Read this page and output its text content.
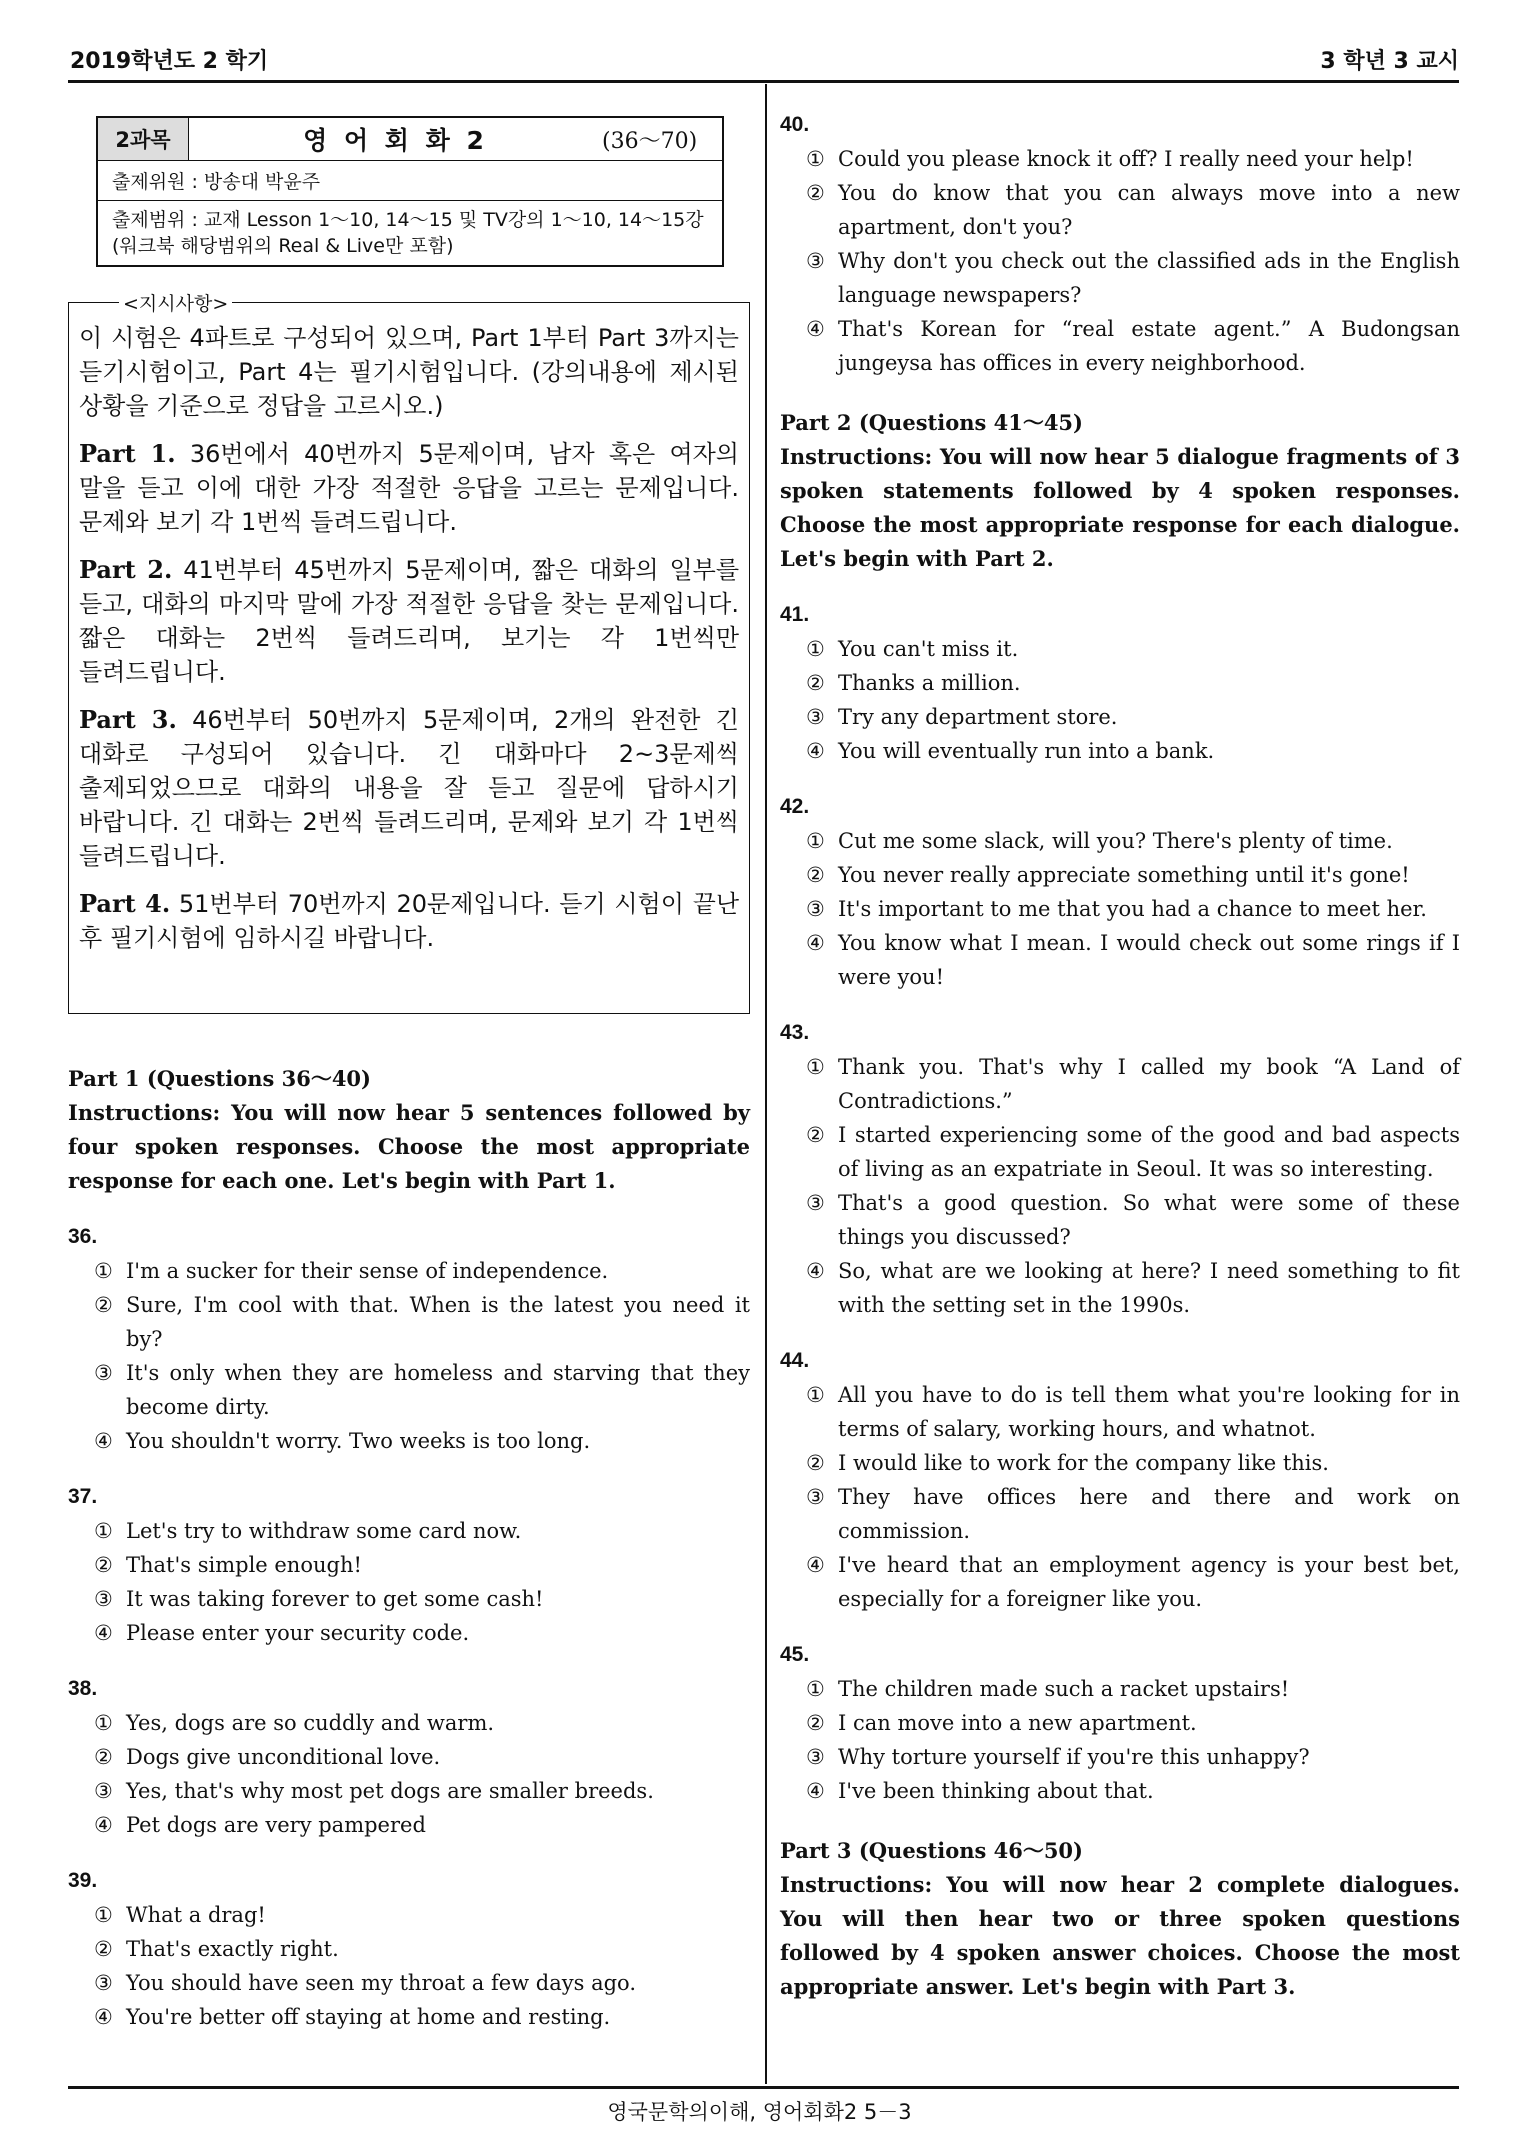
2019학년도 2 학기	3 학년 3 교시
2과목	영 어 회 화 2	(36～70)
출제위원 : 방송대 박윤주
출제범위 : 교재 Lesson 1～10, 14～15 및 TV강의 1～10, 14～15강(워크북 해당범위의 Real & Live만 포함)
<지시사항>

이 시험은 4파트로 구성되어 있으며, Part 1부터 Part 3까지는 듣기시험이고, Part 4는 필기시험입니다. (강의내용에 제시된 상황을 기준으로 정답을 고르시오.)

Part 1. 36번에서 40번까지 5문제이며, 남자 혹은 여자의 말을 듣고 이에 대한 가장 적절한 응답을 고르는 문제입니다. 문제와 보기 각 1번씩 들려드립니다.

Part 2. 41번부터 45번까지 5문제이며, 짧은 대화의 일부를 듣고, 대화의 마지막 말에 가장 적절한 응답을 찾는 문제입니다. 짧은 대화는 2번씩 들려드리며, 보기는 각 1번씩만 들려드립니다.

Part 3. 46번부터 50번까지 5문제이며, 2개의 완전한 긴 대화로 구성되어 있습니다. 긴 대화마다 2~3문제씩 출제되었으므로 대화의 내용을 잘 듣고 질문에 답하시기 바랍니다. 긴 대화는 2번씩 들려드리며, 문제와 보기 각 1번씩 들려드립니다.

Part 4. 51번부터 70번까지 20문제입니다. 듣기 시험이 끝난 후 필기시험에 임하시길 바랍니다.

Part 1 (Questions 36～40)

Instructions: You will now hear 5 sentences followed by four spoken responses. Choose the most appropriate response for each one. Let's begin with Part 1.

36.

① I'm a sucker for their sense of independence.
② Sure, I'm cool with that. When is the latest you need it by?
③ It's only when they are homeless and starving that they become dirty.
④ You shouldn't worry. Two weeks is too long.

37.

① Let's try to withdraw some card now.
② That's simple enough!
③ It was taking forever to get some cash!
④ Please enter your security code.

38.

① Yes, dogs are so cuddly and warm.
② Dogs give unconditional love.
③ Yes, that's why most pet dogs are smaller breeds.
④ Pet dogs are very pampered

39.

① What a drag!
② That's exactly right.
③ You should have seen my throat a few days ago.
④ You're better off staying at home and resting.

40.

① Could you please knock it off? I really need your help!
② You do know that you can always move into a new apartment, don't you?
③ Why don't you check out the classified ads in the English language newspapers?
④ That's Korean for “real estate agent.” A Budongsan jungeysa has offices in every neighborhood.

Part 2 (Questions 41～45)

Instructions: You will now hear 5 dialogue fragments of 3 spoken statements followed by 4 spoken responses. Choose the most appropriate response for each dialogue. Let's begin with Part 2.

41.

① You can't miss it.
② Thanks a million.
③ Try any department store.
④ You will eventually run into a bank.

42.

① Cut me some slack, will you? There's plenty of time.
② You never really appreciate something until it's gone!
③ It's important to me that you had a chance to meet her.
④ You know what I mean. I would check out some rings if I were you!

43.

① Thank you. That's why I called my book “A Land of Contradictions.”
② I started experiencing some of the good and bad aspects of living as an expatriate in Seoul. It was so interesting.
③ That's a good question. So what were some of these things you discussed?
④ So, what are we looking at here? I need something to fit with the setting set in the 1990s.

44.

① All you have to do is tell them what you're looking for in terms of salary, working hours, and whatnot.
② I would like to work for the company like this.
③ They have offices here and there and work on commission.
④ I've heard that an employment agency is your best bet, especially for a foreigner like you.

45.

① The children made such a racket upstairs!
② I can move into a new apartment.
③ Why torture yourself if you're this unhappy?
④ I've been thinking about that.

Part 3 (Questions 46～50)

Instructions: You will now hear 2 complete dialogues. You will then hear two or three spoken questions followed by 4 spoken answer choices. Choose the most appropriate answer. Let's begin with Part 3.

영국문학의이해, 영어회화2 5－3
